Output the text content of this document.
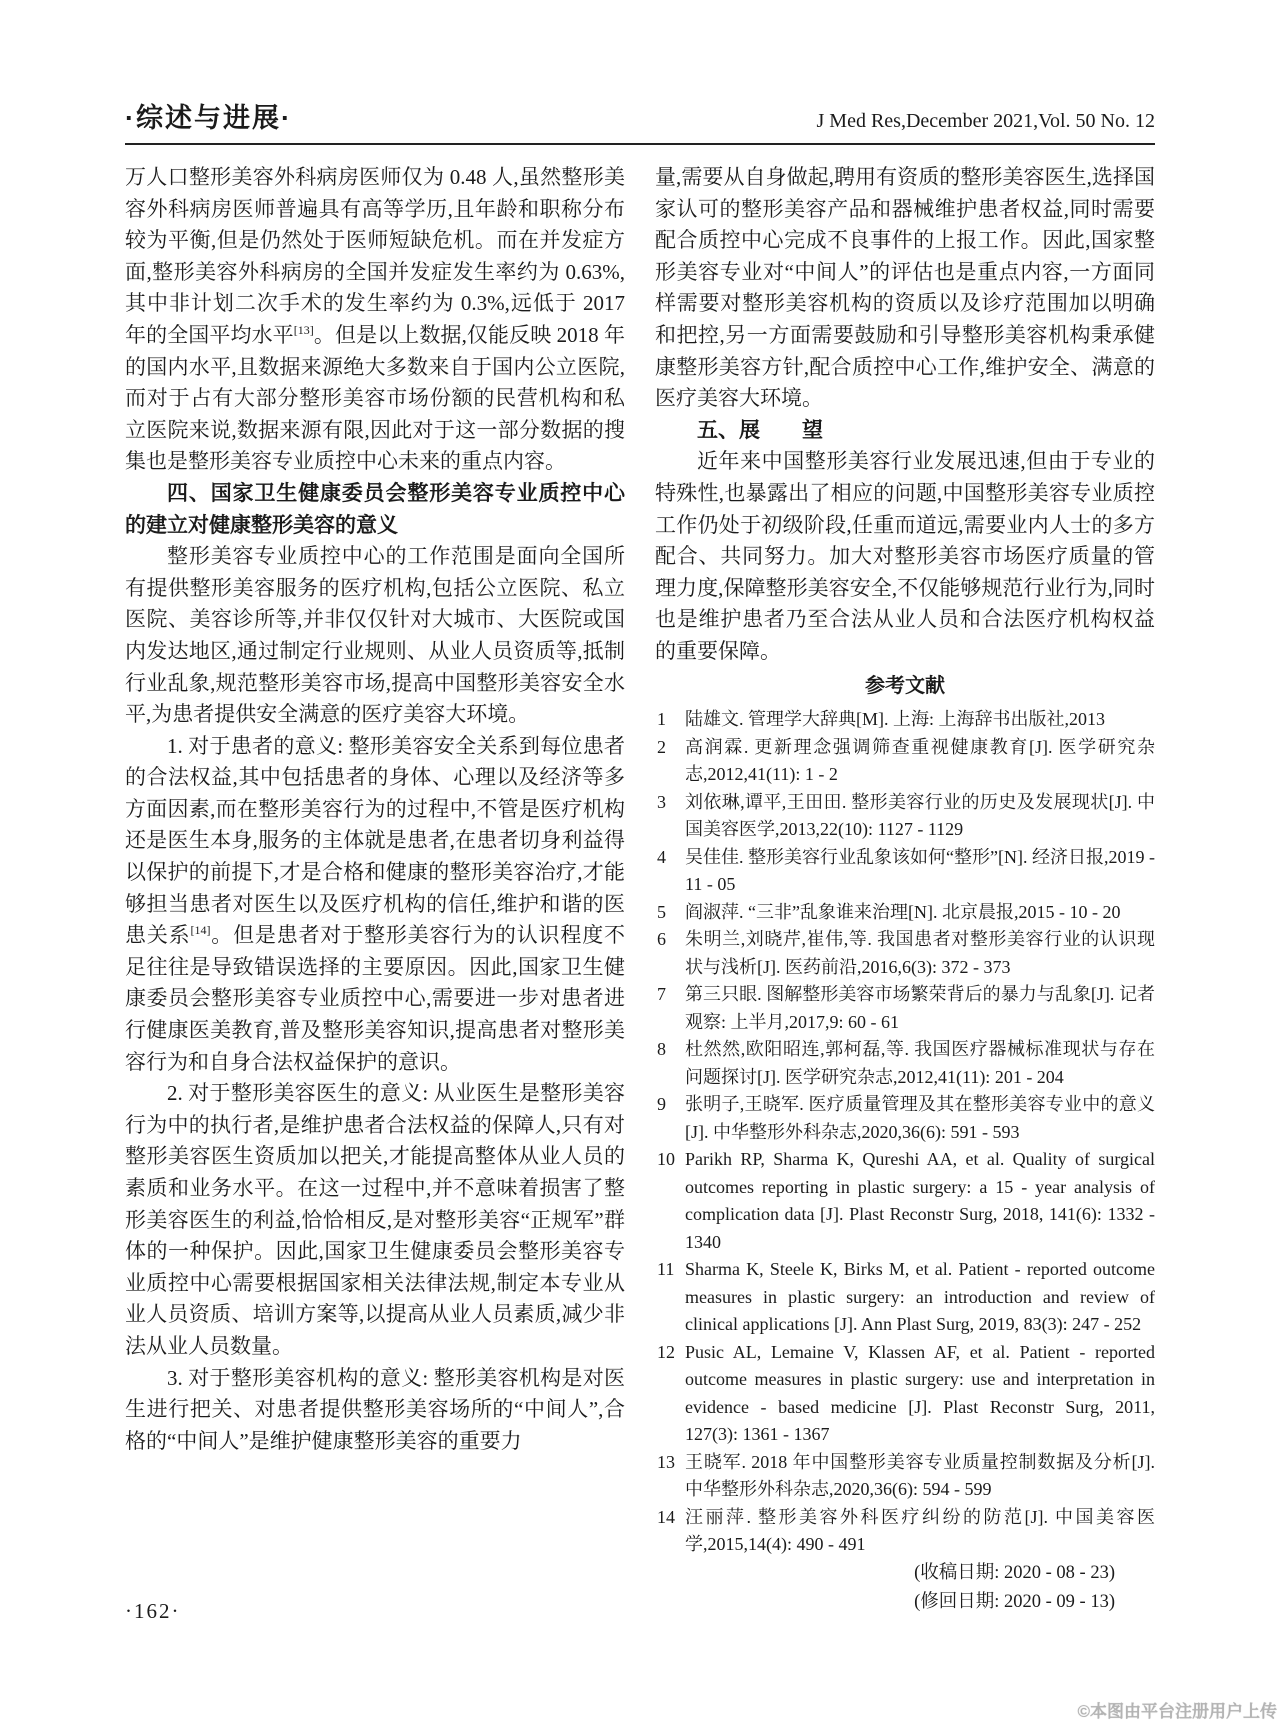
·综述与进展·	J Med Res,December 2021,Vol. 50 No. 12

万人口整形美容外科病房医师仅为 0.48 人,虽然整形美容外科病房医师普遍具有高等学历,且年龄和职称分布较为平衡,但是仍然处于医师短缺危机。而在并发症方面,整形美容外科病房的全国并发症发生率约为 0.63%,其中非计划二次手术的发生率约为 0.3%,远低于 2017 年的全国平均水平[13]。但是以上数据,仅能反映 2018 年的国内水平,且数据来源绝大多数来自于国内公立医院,而对于占有大部分整形美容市场份额的民营机构和私立医院来说,数据来源有限,因此对于这一部分数据的搜集也是整形美容专业质控中心未来的重点内容。

四、国家卫生健康委员会整形美容专业质控中心的建立对健康整形美容的意义

整形美容专业质控中心的工作范围是面向全国所有提供整形美容服务的医疗机构,包括公立医院、私立医院、美容诊所等,并非仅仅针对大城市、大医院或国内发达地区,通过制定行业规则、从业人员资质等,抵制行业乱象,规范整形美容市场,提高中国整形美容安全水平,为患者提供安全满意的医疗美容大环境。

1. 对于患者的意义: 整形美容安全关系到每位患者的合法权益,其中包括患者的身体、心理以及经济等多方面因素,而在整形美容行为的过程中,不管是医疗机构还是医生本身,服务的主体就是患者,在患者切身利益得以保护的前提下,才是合格和健康的整形美容治疗,才能够担当患者对医生以及医疗机构的信任,维护和谐的医患关系[14]。但是患者对于整形美容行为的认识程度不足往往是导致错误选择的主要原因。因此,国家卫生健康委员会整形美容专业质控中心,需要进一步对患者进行健康医美教育,普及整形美容知识,提高患者对整形美容行为和自身合法权益保护的意识。

2. 对于整形美容医生的意义: 从业医生是整形美容行为中的执行者,是维护患者合法权益的保障人,只有对整形美容医生资质加以把关,才能提高整体从业人员的素质和业务水平。在这一过程中,并不意味着损害了整形美容医生的利益,恰恰相反,是对整形美容“正规军”群体的一种保护。因此,国家卫生健康委员会整形美容专业质控中心需要根据国家相关法律法规,制定本专业从业人员资质、培训方案等,以提高从业人员素质,减少非法从业人员数量。

3. 对于整形美容机构的意义: 整形美容机构是对医生进行把关、对患者提供整形美容场所的“中间人”,合格的“中间人”是维护健康整形美容的重要力

量,需要从自身做起,聘用有资质的整形美容医生,选择国家认可的整形美容产品和器械维护患者权益,同时需要配合质控中心完成不良事件的上报工作。因此,国家整形美容专业对“中间人”的评估也是重点内容,一方面同样需要对整形美容机构的资质以及诊疗范围加以明确和把控,另一方面需要鼓励和引导整形美容机构秉承健康整形美容方针,配合质控中心工作,维护安全、满意的医疗美容大环境。

五、展　　望

近年来中国整形美容行业发展迅速,但由于专业的特殊性,也暴露出了相应的问题,中国整形美容专业质控工作仍处于初级阶段,任重而道远,需要业内人士的多方配合、共同努力。加大对整形美容市场医疗质量的管理力度,保障整形美容安全,不仅能够规范行业行为,同时也是维护患者乃至合法从业人员和合法医疗机构权益的重要保障。

参考文献
1	陆雄文. 管理学大辞典[M]. 上海: 上海辞书出版社,2013
2	高润霖. 更新理念强调筛查重视健康教育[J]. 医学研究杂志,2012,41(11): 1 - 2
3	刘依琳,谭平,王田田. 整形美容行业的历史及发展现状[J]. 中国美容医学,2013,22(10): 1127 - 1129
4	吴佳佳. 整形美容行业乱象该如何“整形”[N]. 经济日报,2019 - 11 - 05
5	阎淑萍. “三非”乱象谁来治理[N]. 北京晨报,2015 - 10 - 20
6	朱明兰,刘晓芹,崔伟,等. 我国患者对整形美容行业的认识现状与浅析[J]. 医药前沿,2016,6(3): 372 - 373
7	第三只眼. 图解整形美容市场繁荣背后的暴力与乱象[J]. 记者观察: 上半月,2017,9: 60 - 61
8	杜然然,欧阳昭连,郭柯磊,等. 我国医疗器械标准现状与存在问题探讨[J]. 医学研究杂志,2012,41(11): 201 - 204
9	张明子,王晓军. 医疗质量管理及其在整形美容专业中的意义[J]. 中华整形外科杂志,2020,36(6): 591 - 593
10 Parikh RP, Sharma K, Qureshi AA, et al. Quality of surgical outcomes reporting in plastic surgery: a 15 - year analysis of complication data [J]. Plast Reconstr Surg, 2018, 141(6): 1332 - 1340
11 Sharma K, Steele K, Birks M, et al. Patient - reported outcome measures in plastic surgery: an introduction and review of clinical applications [J]. Ann Plast Surg, 2019, 83(3): 247 - 252
12 Pusic AL, Lemaine V, Klassen AF, et al. Patient - reported outcome measures in plastic surgery: use and interpretation in evidence - based medicine [J]. Plast Reconstr Surg, 2011, 127(3): 1361 - 1367
13 王晓军. 2018 年中国整形美容专业质量控制数据及分析[J]. 中华整形外科杂志,2020,36(6): 594 - 599
14 汪丽萍. 整形美容外科医疗纠纷的防范[J]. 中国美容医学,2015,14(4): 490 - 491
(收稿日期: 2020 - 08 - 23)
(修回日期: 2020 - 09 - 13)
·162·
©本图由平台注册用户上传
